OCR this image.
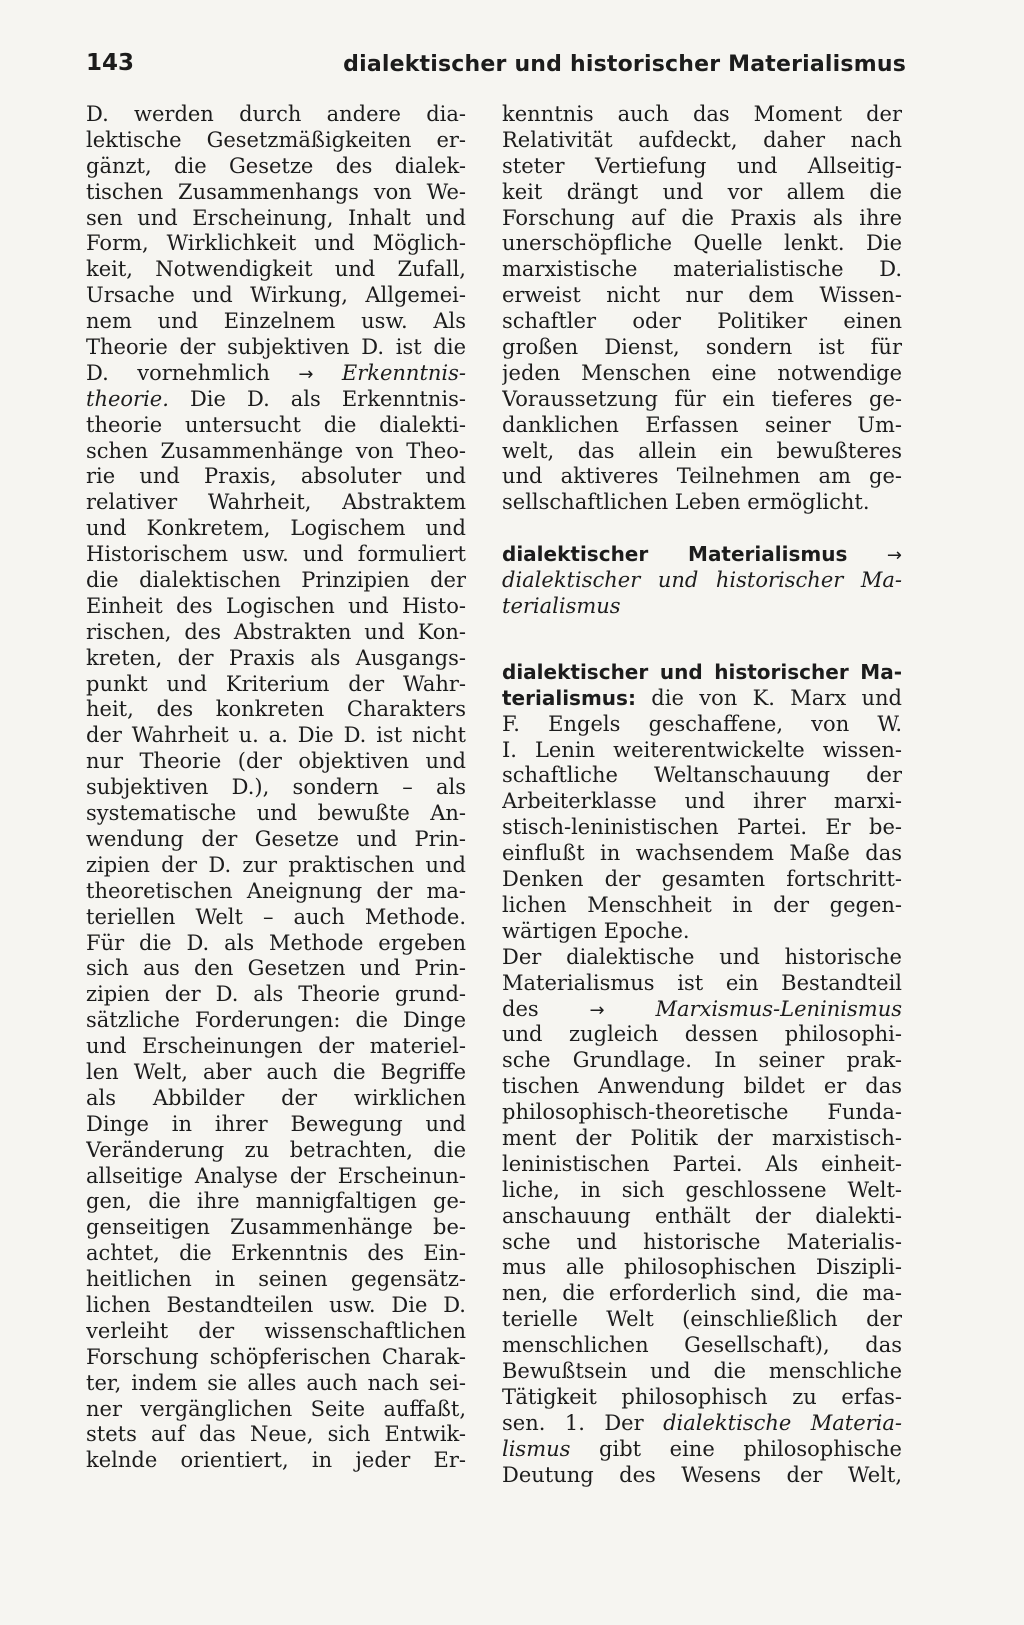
143	dialektischer und historischer Materialismus
D. werden durch andere dia-
lektische Gesetzmäßigkeiten er-
gänzt, die Gesetze des dialek-
tischen Zusammenhangs von We-
sen und Erscheinung, Inhalt und
Form, Wirklichkeit und Möglich-
keit, Notwendigkeit und Zufall,
Ursache und Wirkung, Allgemei-
nem und Einzelnem usw. Als
Theorie der subjektiven D. ist die
D. vornehmlich → Erkenntnis-
theorie. Die D. als Erkenntnis-
theorie untersucht die dialekti-
schen Zusammenhänge von Theo-
rie und Praxis, absoluter und
relativer Wahrheit, Abstraktem
und Konkretem, Logischem und
Historischem usw. und formuliert
die dialektischen Prinzipien der
Einheit des Logischen und Histo-
rischen, des Abstrakten und Kon-
kreten, der Praxis als Ausgangs-
punkt und Kriterium der Wahr-
heit, des konkreten Charakters
der Wahrheit u. a. Die D. ist nicht
nur Theorie (der objektiven und
subjektiven D.), sondern – als
systematische und bewußte An-
wendung der Gesetze und Prin-
zipien der D. zur praktischen und
theoretischen Aneignung der ma-
teriellen Welt – auch Methode.
Für die D. als Methode ergeben
sich aus den Gesetzen und Prin-
zipien der D. als Theorie grund-
sätzliche Forderungen: die Dinge
und Erscheinungen der materiel-
len Welt, aber auch die Begriffe
als Abbilder der wirklichen
Dinge in ihrer Bewegung und
Veränderung zu betrachten, die
allseitige Analyse der Erscheinun-
gen, die ihre mannigfaltigen ge-
genseitigen Zusammenhänge be-
achtet, die Erkenntnis des Ein-
heitlichen in seinen gegensätz-
lichen Bestandteilen usw. Die D.
verleiht der wissenschaftlichen
Forschung schöpferischen Charak-
ter, indem sie alles auch nach sei-
ner vergänglichen Seite auffaßt,
stets auf das Neue, sich Entwik-
kelnde orientiert, in jeder Er-
kenntnis auch das Moment der
Relativität aufdeckt, daher nach
steter Vertiefung und Allseitig-
keit drängt und vor allem die
Forschung auf die Praxis als ihre
unerschöpfliche Quelle lenkt. Die
marxistische materialistische D.
erweist nicht nur dem Wissen-
schaftler oder Politiker einen
großen Dienst, sondern ist für
jeden Menschen eine notwendige
Voraussetzung für ein tieferes ge-
danklichen Erfassen seiner Um-
welt, das allein ein bewußteres
und aktiveres Teilnehmen am ge-
sellschaftlichen Leben ermöglicht.
dialektischer Materialismus →
dialektischer und historischer Ma-
terialismus
dialektischer und historischer Ma-
terialismus: die von K. Marx und
F. Engels geschaffene, von W.
I. Lenin weiterentwickelte wissen-
schaftliche Weltanschauung der
Arbeiterklasse und ihrer marxi-
stisch-leninistischen Partei. Er be-
einflußt in wachsendem Maße das
Denken der gesamten fortschritt-
lichen Menschheit in der gegen-
wärtigen Epoche.
Der dialektische und historische
Materialismus ist ein Bestandteil
des	→ Marxismus-Leninismus
und zugleich dessen philosophi-
sche Grundlage. In seiner prak-
tischen Anwendung bildet er das
philosophisch-theoretische Funda-
ment der Politik der marxistisch-
leninistischen Partei. Als einheit-
liche, in sich geschlossene Welt-
anschauung enthält der dialekti-
sche und historische Materialis-
mus alle philosophischen Diszipli-
nen, die erforderlich sind, die ma-
terielle Welt (einschließlich der
menschlichen Gesellschaft), das
Bewußtsein und die menschliche
Tätigkeit philosophisch zu erfas-
sen. 1. Der dialektische Materia-
lismus gibt eine philosophische
Deutung des Wesens der Welt,
